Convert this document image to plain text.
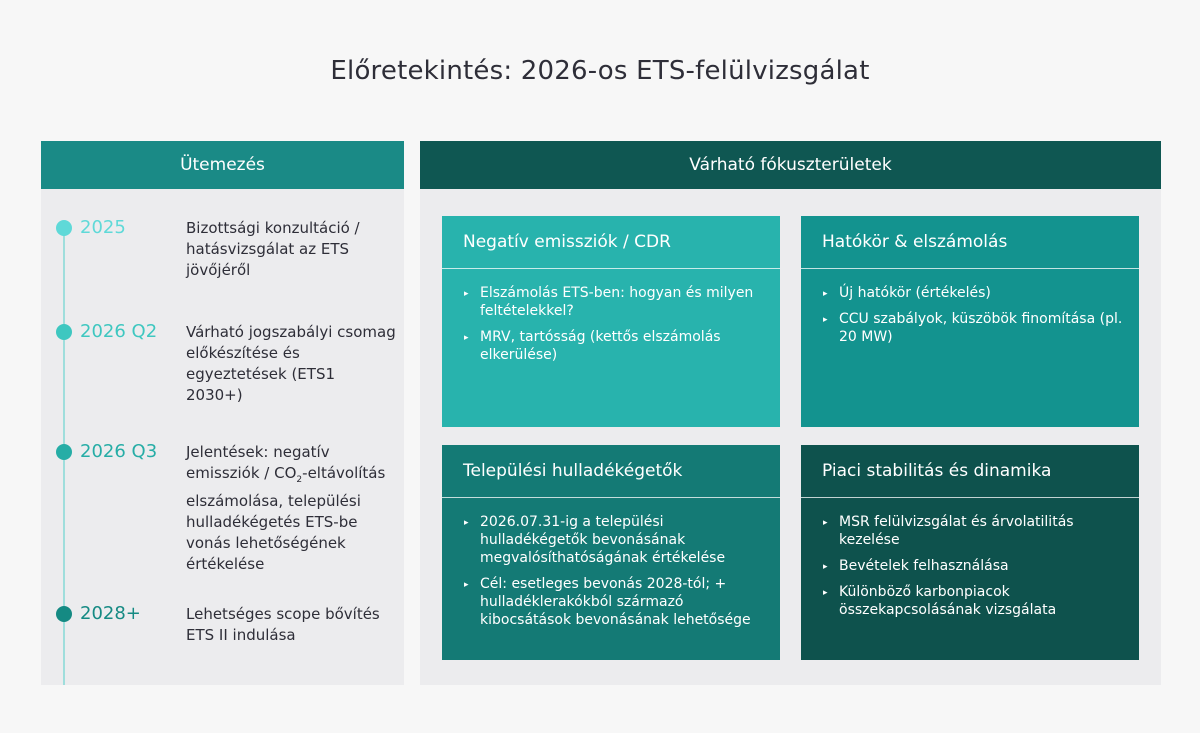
Előretekintés: 2026-os ETS-felülvizsgálat
Ütemezés
2025	Bizottsági konzultáció / hatásvizsgálat az ETS jövőjéről
2026 Q2 Várható jogszabályi csomag előkészítése és egyeztetések (ETS1 2030+)
2026 Q3 Jelentések: negatív emissziók / $CO_2$-eltávolítás elszámolása, települési hulladékégetés ETS-be vonás lehetőségének értékelése
2028+	Lehetséges scope bővítés ETS II indulása
Várható fókuszterületek
Negatív emissziók / CDR
▸ Elszámolás ETS-ben: hogyan és milyen feltételekkel?
▸ MRV, tartósság (kettős elszámolás elkerülése)
Hatókör & elszámolás
▸ Új hatókör (értékelés)
▸ CCU szabályok, küszöbök finomítása (pl. 20 MW)
Települési hulladékégetők
▸ 2026.07.31-ig a települési hulladékégetők bevonásának megvalósíthatóságának értékelése
▸ Cél: esetleges bevonás 2028-tól; + hulladéklerakókból származó kibocsátások bevonásának lehetősége
Piaci stabilitás és dinamika
▸ MSR felülvizsgálat és árvolatilitás kezelése
▸ Bevételek felhasználása
▸ Különböző karbonpiacok összekapcsolásának vizsgálata
